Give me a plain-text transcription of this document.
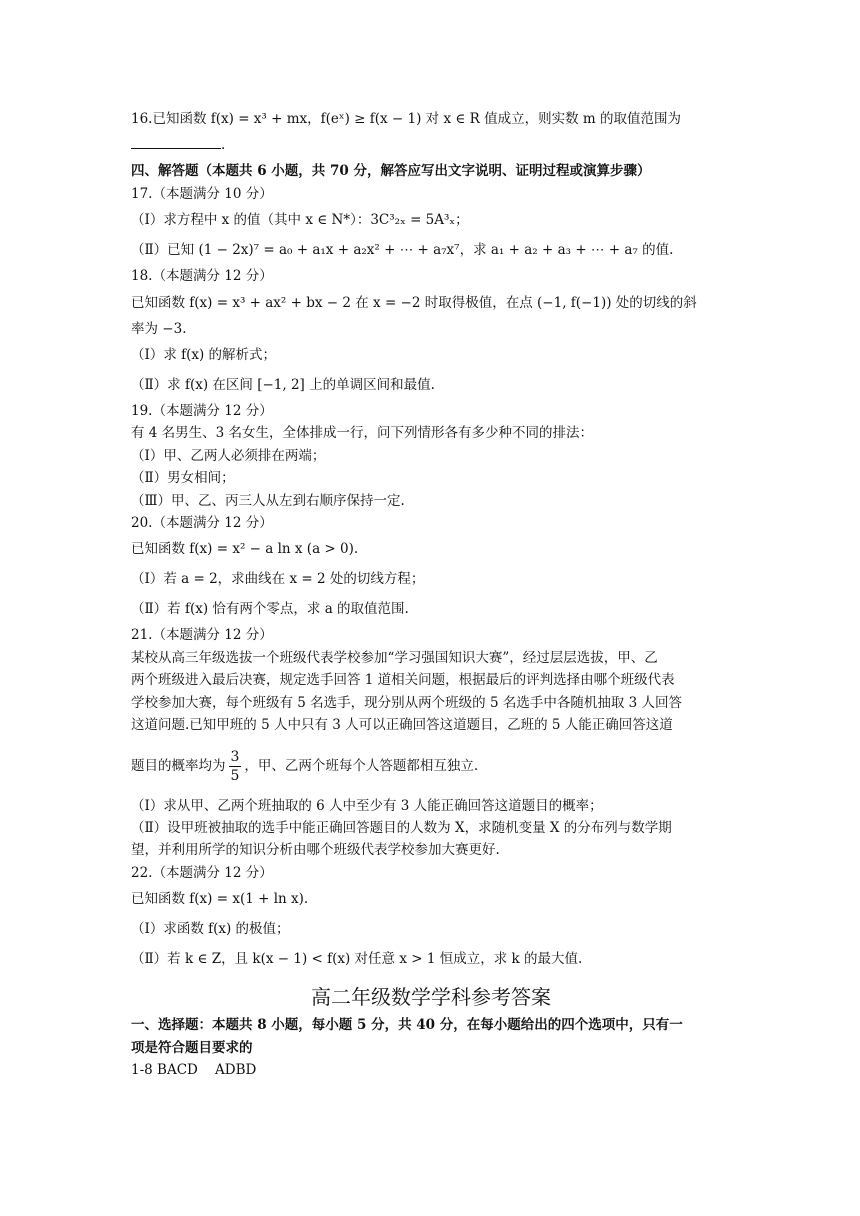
16.已知函数 f(x) = x³ + mx，f(eˣ) ≥ f(x − 1) 对 x ∈ R 值成立，则实数 m 的取值范围为

.

四、解答题（本题共 6 小题，共 70 分，解答应写出文字说明、证明过程或演算步骤）

17.（本题满分 10 分）

（Ⅰ）求方程中 x 的值（其中 x ∈ N*）：3C³₂ₓ = 5A³ₓ；

（Ⅱ）已知 (1 − 2x)⁷ = a₀ + a₁x + a₂x² + ⋯ + a₇x⁷，求 a₁ + a₂ + a₃ + ⋯ + a₇ 的值.

18.（本题满分 12 分）

已知函数 f(x) = x³ + ax² + bx − 2 在 x = −2 时取得极值，在点 (−1, f(−1)) 处的切线的斜

率为 −3.

（Ⅰ）求 f(x) 的解析式；

（Ⅱ）求 f(x) 在区间 [−1, 2] 上的单调区间和最值.

19.（本题满分 12 分）

有 4 名男生、3 名女生，全体排成一行，问下列情形各有多少种不同的排法：

（Ⅰ）甲、乙两人必须排在两端；

（Ⅱ）男女相间；

（Ⅲ）甲、乙、丙三人从左到右顺序保持一定.

20.（本题满分 12 分）

已知函数 f(x) = x² − a ln x (a > 0).

（Ⅰ）若 a = 2，求曲线在 x = 2 处的切线方程；

（Ⅱ）若 f(x) 恰有两个零点，求 a 的取值范围.

21.（本题满分 12 分）

某校从高三年级选拔一个班级代表学校参加“学习强国知识大赛”，经过层层选拔，甲、乙

两个班级进入最后决赛，规定选手回答 1 道相关问题，根据最后的评判选择由哪个班级代表

学校参加大赛，每个班级有 5 名选手，现分别从两个班级的 5 名选手中各随机抽取 3 人回答

这道问题.已知甲班的 5 人中只有 3 人可以正确回答这道题目，乙班的 5 人能正确回答这道

题目的概率均为 $\frac{3}{5}$ ，甲、乙两个班每个人答题都相互独立.

（Ⅰ）求从甲、乙两个班抽取的 6 人中至少有 3 人能正确回答这道题目的概率；

（Ⅱ）设甲班被抽取的选手中能正确回答题目的人数为 X，求随机变量 X 的分布列与数学期

望，并利用所学的知识分析由哪个班级代表学校参加大赛更好.

22.（本题满分 12 分）

已知函数 f(x) = x(1 + ln x).

（Ⅰ）求函数 f(x) 的极值；

（Ⅱ）若 k ∈ Z，且 k(x − 1) < f(x) 对任意 x > 1 恒成立，求 k 的最大值.

高二年级数学学科参考答案

一、选择题：本题共 8 小题，每小题 5 分，共 40 分，在每小题给出的四个选项中，只有一

项是符合题目要求的

1-8 BACD    ADBD
